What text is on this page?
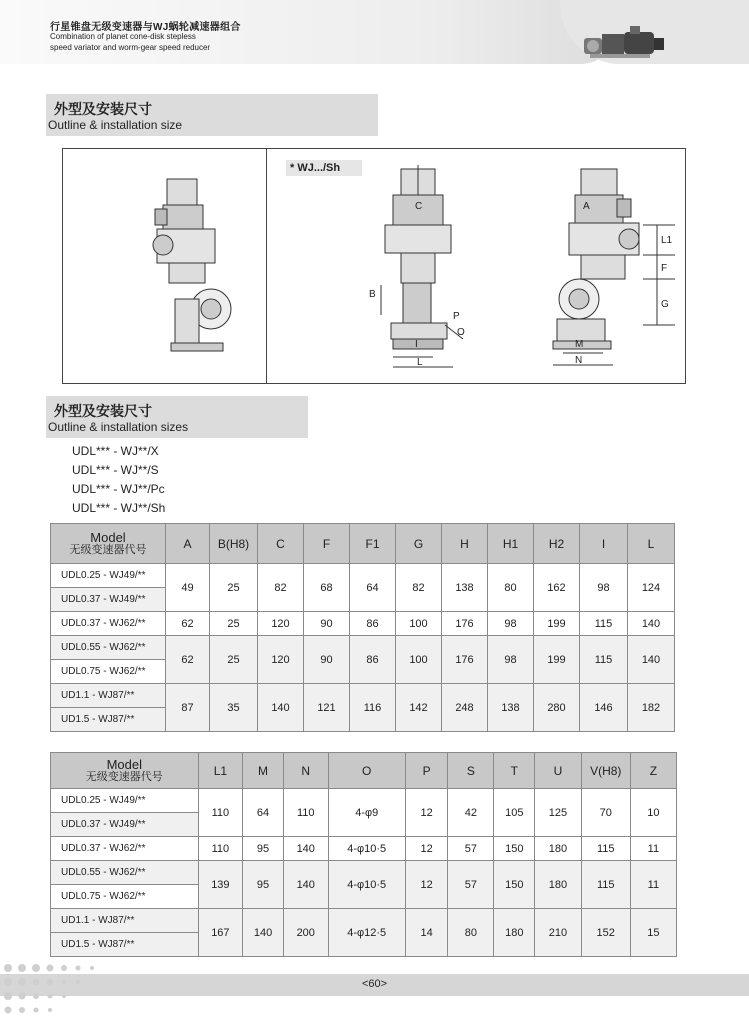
行星锥盘无级变速器与WJ蜗轮减速器组合
Combination of planet cone-disk stepless
speed variator and worm-gear speed reducer
外型及安装尺寸
Outline & installation size
C
B
P
O
I
L
A
L1
F
G
M
N
* WJ.../Sh
外型及安装尺寸
Outline & installation sizes
UDL*** - WJ**/X
UDL*** - WJ**/S
UDL*** - WJ**/Pc
UDL*** - WJ**/Sh
Model
无级变速器代号	A	B(H8)	C	F	F1	G	H	H1	H2	I	L
UDL0.25 - WJ49/**	49	25	82	68	64	82	138	80	162	98	124
UDL0.37 - WJ49/**											
UDL0.37 - WJ62/**	62	25	120	90	86	100	176	98	199	115	140
UDL0.55 - WJ62/**	62	25	120	90	86	100	176	98	199	115	140
UDL0.75 - WJ62/**											
UD1.1 - WJ87/**	87	35	140	121	116	142	248	138	280	146	182
UD1.5 - WJ87/**											
Model
无级变速器代号	L1	M	N	O	P	S	T	U	V(H8)	Z
UDL0.25 - WJ49/**	110	64	110	4-φ9	12	42	105	125	70	10
UDL0.37 - WJ49/**										
UDL0.37 - WJ62/**	110	95	140	4-φ10·5	12	57	150	180	115	11
UDL0.55 - WJ62/**	139	95	140	4-φ10·5	12	57	150	180	115	11
UDL0.75 - WJ62/**										
UD1.1 - WJ87/**	167	140	200	4-φ12·5	14	80	180	210	152	15
UD1.5 - WJ87/**										
<60>
